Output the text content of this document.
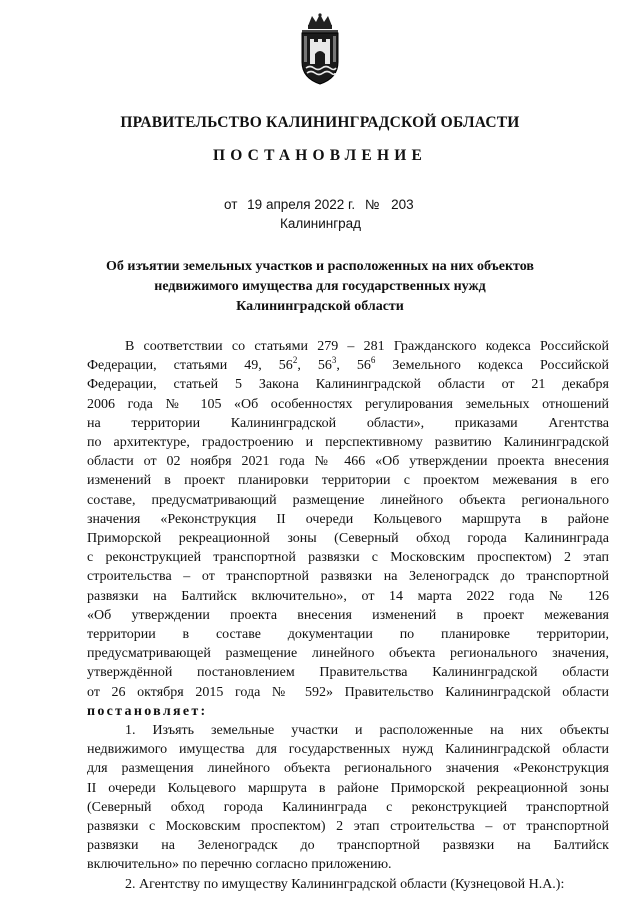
ПРАВИТЕЛЬСТВО КАЛИНИНГРАДСКОЙ ОБЛАСТИ
ПОСТАНОВЛЕНИЕ
от 19 апреля 2022 г. № 203
Калининград
Об изъятии земельных участков и расположенных на них объектов
недвижимого имущества для государственных нужд
Калининградской области
В соответствии со статьями 279 – 281 Гражданского кодекса Российской
Федерации, статьями 49, $56^2$, $56^3$, $56^6$ Земельного кодекса Российской
Федерации, статьей 5 Закона Калининградской области от 21 декабря
2006 года № 105 «Об особенностях регулирования земельных отношений
на территории Калининградской области», приказами Агентства
по архитектуре, градостроению и перспективному развитию Калининградской
области от 02 ноября 2021 года № 466 «Об утверждении проекта внесения
изменений в проект планировки территории с проектом межевания в его
составе, предусматривающий размещение линейного объекта регионального
значения «Реконструкция II очереди Кольцевого маршрута в районе
Приморской рекреационной зоны (Северный обход города Калининграда
с реконструкцией транспортной развязки с Московским проспектом) 2 этап
строительства – от транспортной развязки на Зеленоградск до транспортной
развязки на Балтийск включительно», от 14 марта 2022 года № 126
«Об утверждении проекта внесения изменений в проект межевания
территории в составе документации по планировке территории,
предусматривающей размещение линейного объекта регионального значения,
утверждённой постановлением Правительства Калининградской области
от 26 октября 2015 года № 592» Правительство Калининградской области
постановляет:
1. Изъять земельные участки и расположенные на них объекты
недвижимого имущества для государственных нужд Калининградской области
для размещения линейного объекта регионального значения «Реконструкция
II очереди Кольцевого маршрута в районе Приморской рекреационной зоны
(Северный обход города Калининграда с реконструкцией транспортной
развязки с Московским проспектом) 2 этап строительства – от транспортной
развязки на Зеленоградск до транспортной развязки на Балтийск
включительно» по перечню согласно приложению.
2. Агентству по имуществу Калининградской области (Кузнецовой Н.А.):
